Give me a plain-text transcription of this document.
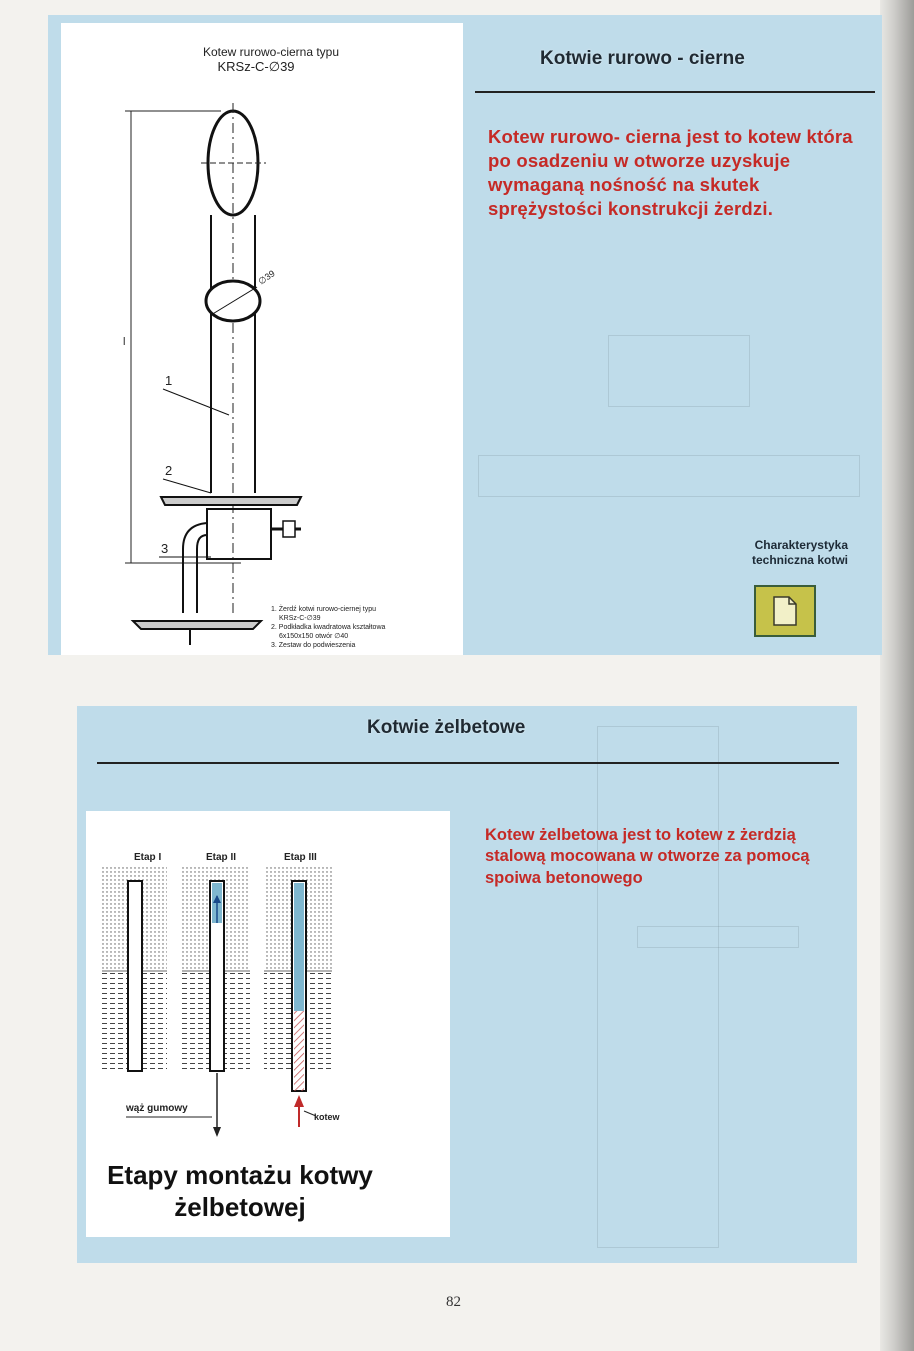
Kotew rurowo-cierna typu
KRSz-C-∅39
l
∅39
1
2
3
1. Żerdź kotwi rurowo-ciernej typu
KRSz-C-∅39
2. Podkładka kwadratowa kształtowa
6x150x150 otwór ∅40
3. Zestaw do podwieszenia
Kotwie rurowo - cierne
Kotew rurowo- cierna jest to kotew która po osadzeniu w otworze uzyskuje wymaganą nośność na skutek sprężystości konstrukcji żerdzi.
Charakterystyka
techniczna kotwi
Kotwie żelbetowe
Etap I	Etap II	Etap III
wąż gumowy
kotew
Etapy montażu kotwy
żelbetowej
Kotew żelbetowa jest to kotew z żerdzią stalową mocowana w otworze za pomocą spoiwa betonowego
82
